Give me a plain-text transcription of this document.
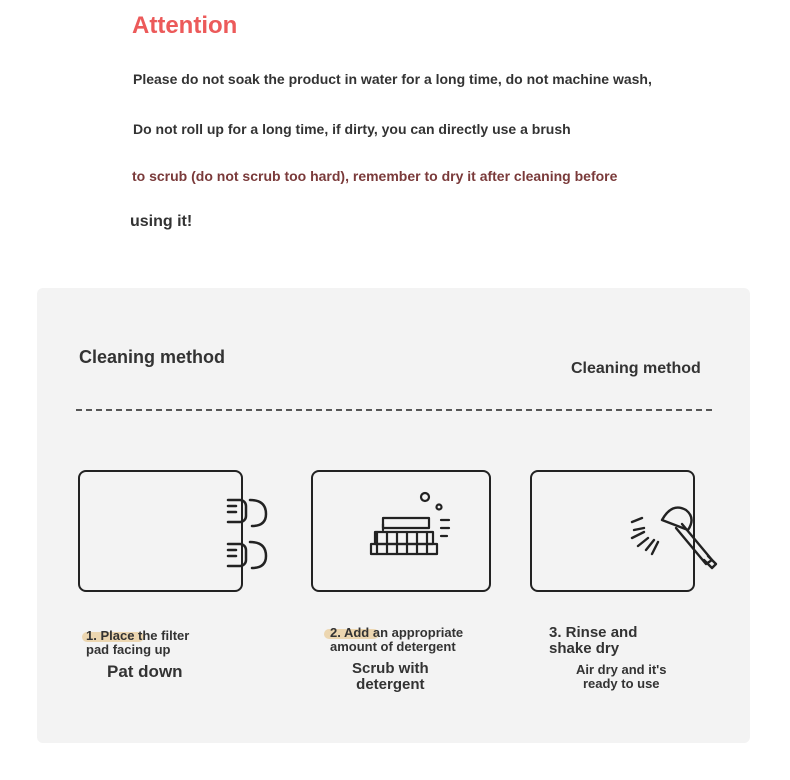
Attention
Please do not soak the product in water for a long time, do not machine wash,
Do not roll up for a long time, if dirty, you can directly use a brush
to scrub (do not scrub too hard), remember to dry it after cleaning before
using it!
Cleaning method
Cleaning method
1. Place the filter
pad facing up
Pat down
2. Add an appropriate
amount of detergent
Scrub with
detergent
3. Rinse and
shake dry
Air dry and it's
ready to use
